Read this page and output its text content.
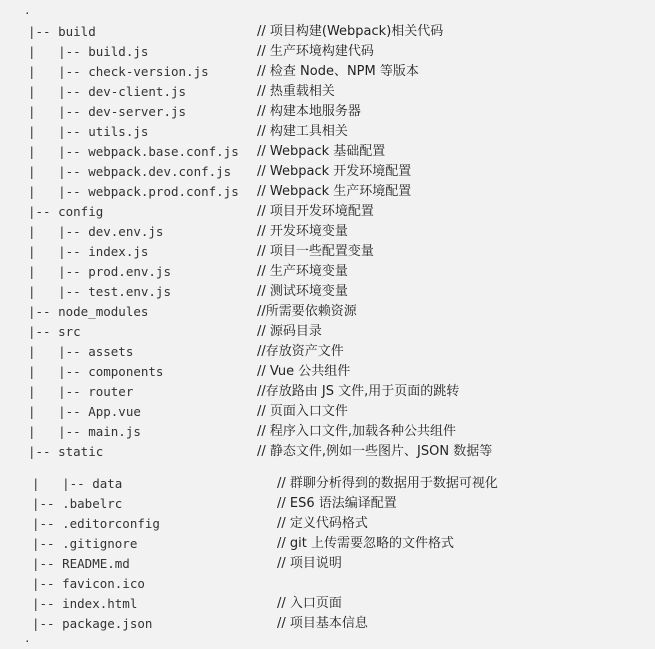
.
|-- build	// 项目构建(Webpack)相关代码
|   |-- build.js	// 生产环境构建代码
|   |-- check-version.js	// 检查 Node、NPM 等版本
|   |-- dev-client.js	// 热重载相关
|   |-- dev-server.js	// 构建本地服务器
|   |-- utils.js	// 构建工具相关
|   |-- webpack.base.conf.js // Webpack 基础配置
|   |-- webpack.dev.conf.js // Webpack 开发环境配置
|   |-- webpack.prod.conf.js // Webpack 生产环境配置
|-- config	// 项目开发环境配置
|   |-- dev.env.js	// 开发环境变量
|   |-- index.js	// 项目一些配置变量
|   |-- prod.env.js	// 生产环境变量
|   |-- test.env.js	// 测试环境变量
|-- node_modules	//所需要依赖资源
|-- src	// 源码目录
|   |-- assets	//存放资产文件
|   |-- components	// Vue 公共组件
|   |-- router	//存放路由 JS 文件,用于页面的跳转
|   |-- App.vue	// 页面入口文件
|   |-- main.js	// 程序入口文件,加载各种公共组件
|-- static	// 静态文件,例如一些图片、JSON 数据等
|   |-- data	// 群聊分析得到的数据用于数据可视化
|-- .babelrc	// ES6 语法编译配置
|-- .editorconfig	// 定义代码格式
|-- .gitignore	// git 上传需要忽略的文件格式
|-- README.md	// 项目说明
|-- favicon.ico
|-- index.html	// 入口页面
|-- package.json	// 项目基本信息
.
